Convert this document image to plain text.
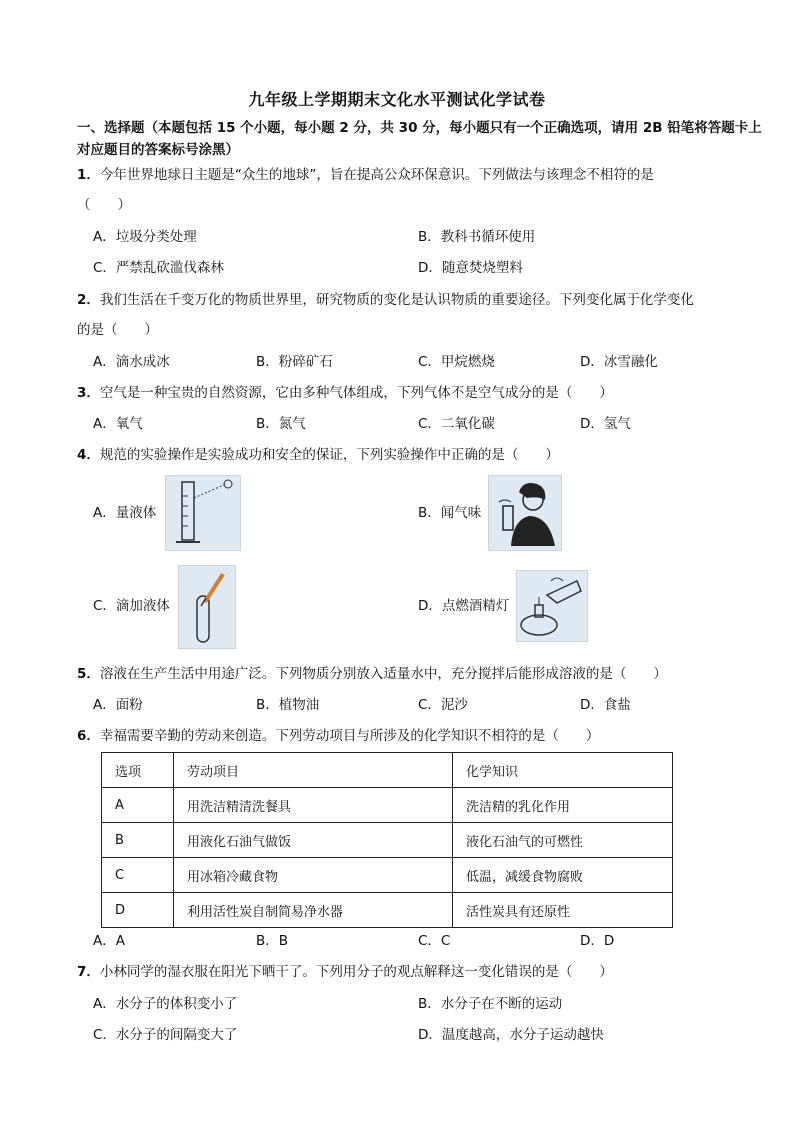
九年级上学期期末文化水平测试化学试卷
一、选择题（本题包括 15 个小题，每小题 2 分，共 30 分，每小题只有一个正确选项，请用 2B 铅笔将答题卡上对应题目的答案标号涂黑）
1．今年世界地球日主题是“众生的地球”，旨在提高公众环保意识。下列做法与该理念不相符的是
（　　）
A．垃圾分类处理	B．教科书循环使用
C．严禁乱砍滥伐森林	D．随意焚烧塑料
2．我们生活在千变万化的物质世界里，研究物质的变化是认识物质的重要途径。下列变化属于化学变化
的是（　　）
A．滴水成冰	B．粉碎矿石	C．甲烷燃烧	D．冰雪融化
3．空气是一种宝贵的自然资源，它由多种气体组成，下列气体不是空气成分的是（　　）
A．氧气	B．氮气	C．二氧化碳	D．氢气
4．规范的实验操作是实验成功和安全的保证，下列实验操作中正确的是（　　）
A．量液体	B．闻气味
C．滴加液体	D．点燃酒精灯
5．溶液在生产生活中用途广泛。下列物质分别放入适量水中，充分搅拌后能形成溶液的是（　　）
A．面粉	B．植物油	C．泥沙	D．食盐
6．幸福需要辛勤的劳动来创造。下列劳动项目与所涉及的化学知识不相符的是（　　）
选项	劳动项目	化学知识
A	用洗洁精清洗餐具	洗洁精的乳化作用
B	用液化石油气做饭	液化石油气的可燃性
C	用冰箱冷藏食物	低温，减缓食物腐败
D	利用活性炭自制简易净水器	活性炭具有还原性
A．A	B．B	C．C	D．D
7．小林同学的湿衣服在阳光下晒干了。下列用分子的观点解释这一变化错误的是（　　）
A．水分子的体积变小了	B．水分子在不断的运动
C．水分子的间隔变大了	D．温度越高，水分子运动越快
